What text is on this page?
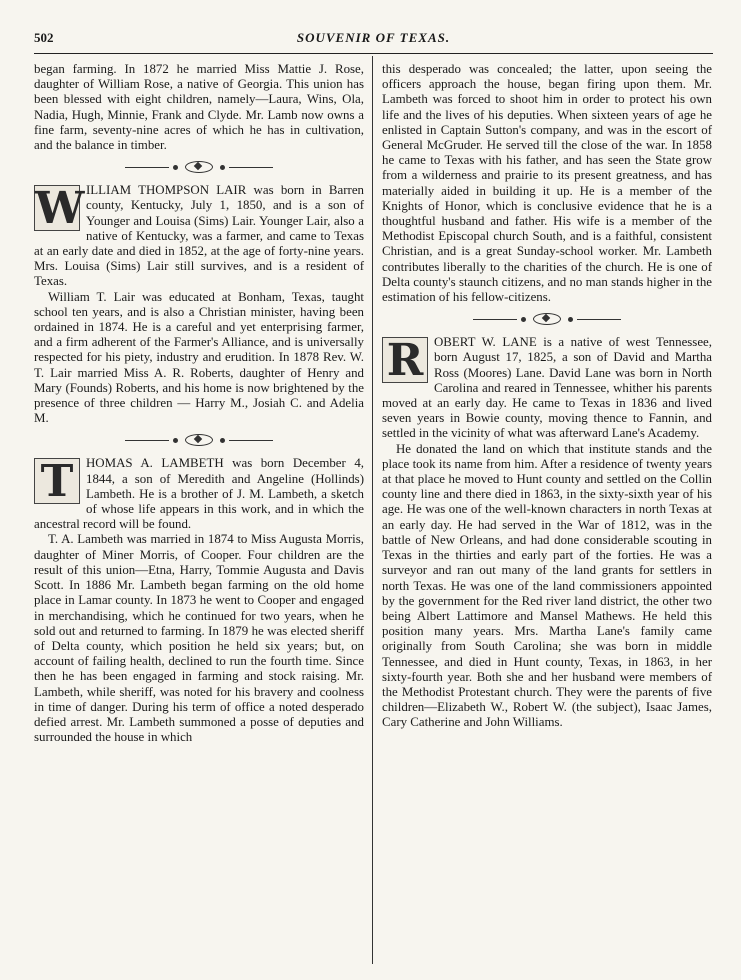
502	SOUVENIR OF TEXAS.

began farming. In 1872 he married Miss Mattie J. Rose, daughter of William Rose, a native of Georgia. This union has been blessed with eight children, namely—Laura, Wins, Ola, Nadia, Hugh, Minnie, Frank and Clyde. Mr. Lamb now owns a fine farm, seventy-nine acres of which he has in cultivation, and the balance in timber.

W ILLIAM THOMPSON LAIR was born in Barren county, Kentucky, July 1, 1850, and is a son of Younger and Louisa (Sims) Lair. Younger Lair, also a native of Kentucky, was a farmer, and came to Texas at an early date and died in 1852, at the age of forty-nine years. Mrs. Louisa (Sims) Lair still survives, and is a resident of Texas.

William T. Lair was educated at Bonham, Texas, taught school ten years, and is also a Christian minister, having been ordained in 1874. He is a careful and yet enterprising farmer, and a firm adherent of the Farmer's Alliance, and is universally respected for his piety, industry and erudition. In 1878 Rev. W. T. Lair married Miss A. R. Roberts, daughter of Henry and Mary (Founds) Roberts, and his home is now brightened by the presence of three children — Harry M., Josiah C. and Adelia M.

T HOMAS A. LAMBETH was born December 4, 1844, a son of Meredith and Angeline (Hollinds) Lambeth. He is a brother of J. M. Lambeth, a sketch of whose life appears in this work, and in which the ancestral record will be found.

T. A. Lambeth was married in 1874 to Miss Augusta Morris, daughter of Miner Morris, of Cooper. Four children are the result of this union—Etna, Harry, Tommie Augusta and Davis Scott. In 1886 Mr. Lambeth began farming on the old home place in Lamar county. In 1873 he went to Cooper and engaged in merchandising, which he continued for two years, when he sold out and returned to farming. In 1879 he was elected sheriff of Delta county, which position he held six years; but, on account of failing health, declined to run the fourth time. Since then he has been engaged in farming and stock raising. Mr. Lambeth, while sheriff, was noted for his bravery and coolness in time of danger. During his term of office a noted desperado defied arrest. Mr. Lambeth summoned a posse of deputies and surrounded the house in which

this desperado was concealed; the latter, upon seeing the officers approach the house, began firing upon them. Mr. Lambeth was forced to shoot him in order to protect his own life and the lives of his deputies. When sixteen years of age he enlisted in Captain Sutton's company, and was in the escort of General McGruder. He served till the close of the war. In 1858 he came to Texas with his father, and has seen the State grow from a wilderness and prairie to its present greatness, and has materially aided in building it up. He is a member of the Knights of Honor, which is conclusive evidence that he is a thoughtful husband and father. His wife is a member of the Methodist Episcopal church South, and is a faithful, consistent Christian, and is a great Sunday-school worker. Mr. Lambeth contributes liberally to the charities of the church. He is one of Delta county's staunch citizens, and no man stands higher in the estimation of his fellow-citizens.

R OBERT W. LANE is a native of west Tennessee, born August 17, 1825, a son of David and Martha Ross (Moores) Lane. David Lane was born in North Carolina and reared in Tennessee, whither his parents moved at an early day. He came to Texas in 1836 and lived seven years in Bowie county, moving thence to Fannin, and settled in the vicinity of what was afterward Lane's Academy.

He donated the land on which that institute stands and the place took its name from him. After a residence of twenty years at that place he moved to Hunt county and settled on the Collin county line and there died in 1863, in the sixty-sixth year of his age. He was one of the well-known characters in north Texas at an early day. He had served in the War of 1812, was in the battle of New Orleans, and had done considerable scouting in Texas in the thirties and early part of the forties. He was a surveyor and ran out many of the land grants for settlers in north Texas. He was one of the land commissioners appointed by the government for the Red river land district, the other two being Albert Lattimore and Mansel Mathews. He held this position many years. Mrs. Martha Lane's family came originally from South Carolina; she was born in middle Tennessee, and died in Hunt county, Texas, in 1863, in her sixty-fourth year. Both she and her husband were members of the Methodist Protestant church. They were the parents of five children—Elizabeth W., Robert W. (the subject), Isaac James, Cary Catherine and John Williams.
